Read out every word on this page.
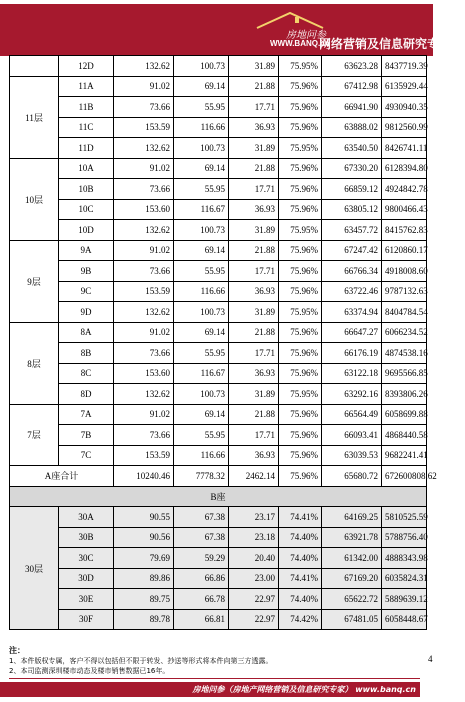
房地问参
WWW.BANQ.cn
网络营销及信息研究专家
	12D	132.62	100.73	31.89	75.95%	63623.28	8437719.39
11层	11A	91.02	69.14	21.88	75.96%	67412.98	6135929.44
	11B	73.66	55.95	17.71	75.96%	66941.90	4930940.35
	11C	153.59	116.66	36.93	75.96%	63888.02	9812560.99
	11D	132.62	100.73	31.89	75.95%	63540.50	8426741.11
10层	10A	91.02	69.14	21.88	75.96%	67330.20	6128394.80
	10B	73.66	55.95	17.71	75.96%	66859.12	4924842.78
	10C	153.60	116.67	36.93	75.96%	63805.12	9800466.43
	10D	132.62	100.73	31.89	75.95%	63457.72	8415762.83
9层	9A	91.02	69.14	21.88	75.96%	67247.42	6120860.17
	9B	73.66	55.95	17.71	75.96%	66766.34	4918008.60
	9C	153.59	116.66	36.93	75.96%	63722.46	9787132.63
	9D	132.62	100.73	31.89	75.95%	63374.94	8404784.54
8层	8A	91.02	69.14	21.88	75.96%	66647.27	6066234.52
	8B	73.66	55.95	17.71	75.96%	66176.19	4874538.16
	8C	153.60	116.67	36.93	75.96%	63122.18	9695566.85
	8D	132.62	100.73	31.89	75.95%	63292.16	8393806.26
7层	7A	91.02	69.14	21.88	75.96%	66564.49	6058699.88
	7B	73.66	55.95	17.71	75.96%	66093.41	4868440.58
	7C	153.59	116.66	36.93	75.96%	63039.53	9682241.41
A座合计		10240.46	7778.32	2462.14	75.96%	65680.72	672600808.62
B座							
30层	30A	90.55	67.38	23.17	74.41%	64169.25	5810525.59
	30B	90.56	67.38	23.18	74.40%	63921.78	5788756.40
	30C	79.69	59.29	20.40	74.40%	61342.00	4888343.98
	30D	89.86	66.86	23.00	74.41%	67169.20	6035824.31
	30E	89.75	66.78	22.97	74.40%	65622.72	5889639.12
	30F	89.78	66.81	22.97	74.42%	67481.05	6058448.67
注：
1、本件版权专属，客户不得以包括但不限于转发、抄送等形式将本件向第三方透露。
2、本司监测深圳楼市动态及楼市销售数据已16年。
4
房地问参（房地产网络营销及信息研究专家） www.banq.cn
